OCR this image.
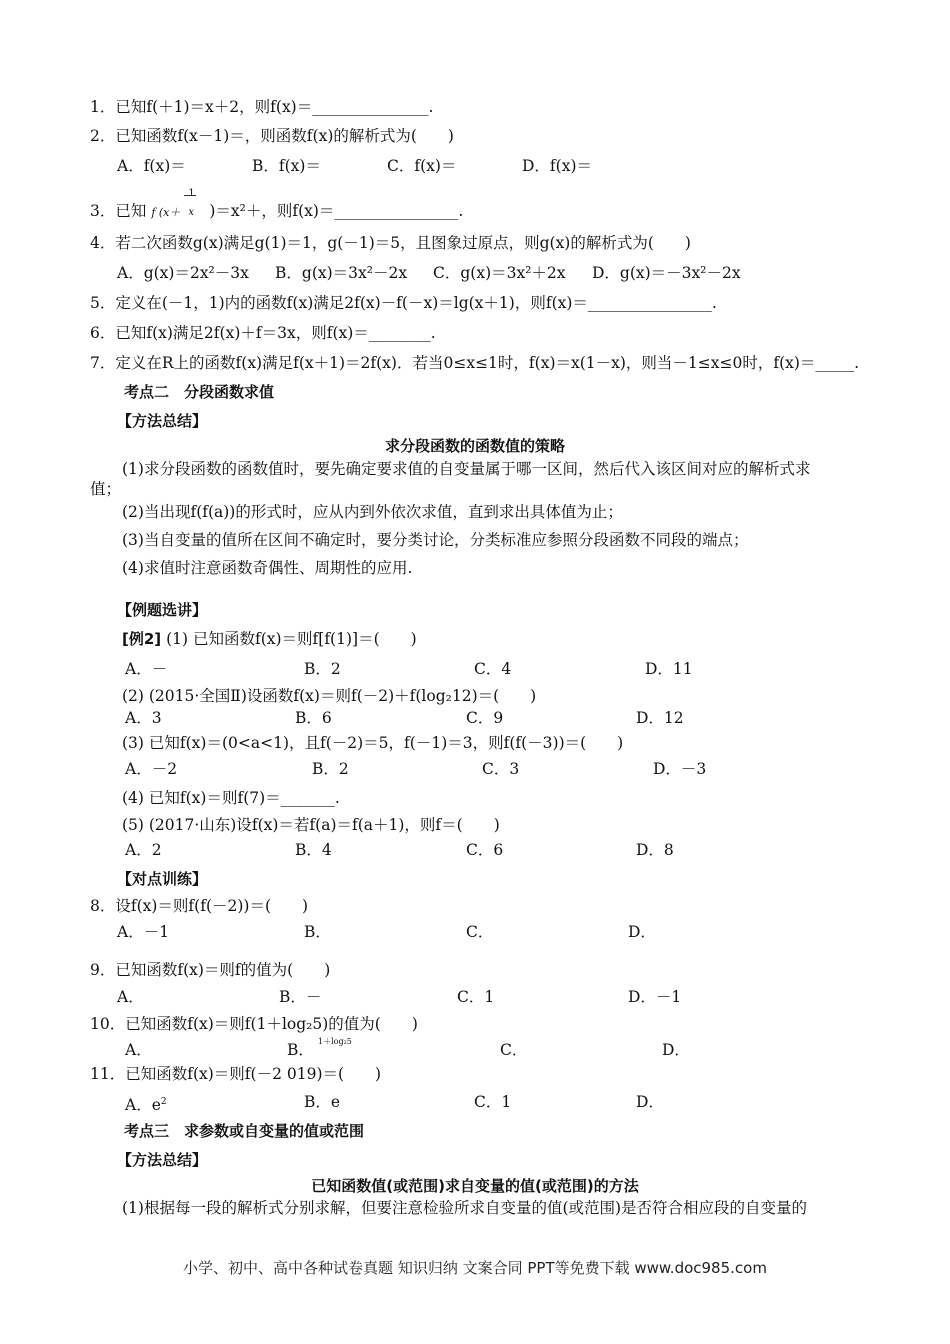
1．已知f(＋1)＝x＋2，则f(x)＝_______________.
2．已知函数f(x－1)＝，则函数f(x)的解析式为(　　)
A．f(x)＝	B．f(x)＝	C．f(x)＝	D．f(x)＝
3．已知 f $(x+ \frac{1}{x} )=x^2+$，则f(x)＝________________.
4．若二次函数g(x)满足g(1)＝1，g(－1)＝5，且图象过原点，则g(x)的解析式为(　　)
A．g(x)＝2x²－3x B．g(x)＝3x²－2x C．g(x)＝3x²＋2x D．g(x)＝－3x²－2x
5．定义在(－1，1)内的函数f(x)满足2f(x)－f(－x)＝lg(x＋1)，则f(x)＝________________.
6．已知f(x)满足2f(x)＋f＝3x，则f(x)＝________.
7．定义在R上的函数f(x)满足f(x＋1)＝2f(x)．若当0≤x≤1时，f(x)＝x(1－x)，则当－1≤x≤0时，f(x)＝_____.
考点二　分段函数求值
【方法总结】
求分段函数的函数值的策略
(1)求分段函数的函数值时，要先确定要求值的自变量属于哪一区间，然后代入该区间对应的解析式求
值；
(2)当出现f(f(a))的形式时，应从内到外依次求值，直到求出具体值为止；
(3)当自变量的值所在区间不确定时，要分类讨论，分类标准应参照分段函数不同段的端点；
(4)求值时注意函数奇偶性、周期性的应用.
【例题选讲】
[例2] (1) 已知函数f(x)＝则f[f(1)]＝(　　)
A．－	B．2	C．4	D．11
(2) (2015·全国Ⅱ)设函数f(x)＝则f(－2)＋f(log₂12)＝(　　)
A．3	B．6	C．9	D．12
(3) 已知f(x)＝(0<a<1)，且f(－2)＝5，f(－1)＝3，则f(f(－3))＝(　　)
A．－2	B．2	C．3	D．－3
(4) 已知f(x)＝则f(7)＝_______.
(5) (2017·山东)设f(x)＝若f(a)＝f(a＋1)，则f＝(　　)
A．2	B．4	C．6	D．8
【对点训练】
8．设f(x)＝则f(f(－2))＝(　　)
A．－1	B．	C．	D．
9．已知函数f(x)＝则f的值为(　　)
A．	B．－	C．1	D．－1
10．已知函数f(x)＝则f(1＋log₂5)的值为(　　)
A．	B． 1＋log₂5	C．	D．
11．已知函数f(x)＝则f(－2 019)＝(　　)
A．$e^2$	B．e	C．1	D．
考点三　求参数或自变量的值或范围
【方法总结】
已知函数值(或范围)求自变量的值(或范围)的方法
(1)根据每一段的解析式分别求解，但要注意检验所求自变量的值(或范围)是否符合相应段的自变量的
小学、初中、高中各种试卷真题 知识归纳 文案合同 PPT等免费下载 www.doc985.com
